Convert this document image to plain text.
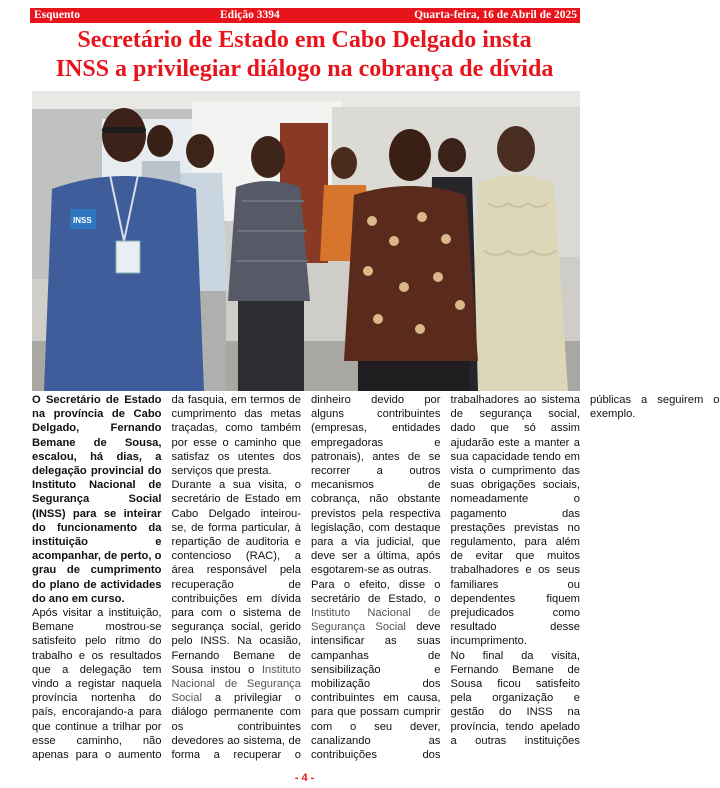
Esquento	Edição 3394	Quarta-feira, 16 de Abril de 2025
Secretário de Estado em Cabo Delgado insta
INSS a privilegiar diálogo na cobrança de dívida
INSS

O Secretário de Estado na província de Cabo Delgado, Fernando Bemane de Sousa, escalou, há dias, a delegação provincial do Instituto Nacional de Segurança Social (INSS) para se inteirar do funcionamento da instituição e acompanhar, de perto, o grau de cumprimento do plano de actividades do ano em curso.

Após visitar a instituição, Bemane mostrou-se satisfeito pelo ritmo do trabalho e os resultados que a delegação tem vindo a registar naquela província nortenha do país, encorajando-a para que continue a trilhar por esse caminho, não apenas para o aumento da fasquia, em termos de cumprimento das metas traçadas, como também por esse o caminho que satisfaz os utentes dos serviços que presta.

Durante a sua visita, o secretário de Estado em Cabo Delgado inteirou-se, de forma particular, à repartição de auditoria e contencioso (RAC), a área responsável pela recuperação de contribuições em dívida para com o sistema de segurança social, gerido pelo INSS. Na ocasião, Fernando Bemane de Sousa instou o Instituto Nacional de Segurança Social a privilegiar o diálogo permanente com os contribuintes devedores ao sistema, de forma a recuperar o dinheiro devido por alguns contribuintes (empresas, entidades empregadoras e patronais), antes de se recorrer a outros mecanismos de cobrança, não obstante previstos pela respectiva legislação, com destaque para a via judicial, que deve ser a última, após esgotarem-se as outras.

Para o efeito, disse o secretário de Estado, o Instituto Nacional de Segurança Social deve intensificar as suas campanhas de sensibilização e mobilização dos contribuintes em causa, para que possam cumprir com o seu dever, canalizando as contribuições dos trabalhadores ao sistema de segurança social, dado que só assim ajudarão este a manter a sua capacidade tendo em vista o cumprimento das suas obrigações sociais, nomeadamente o pagamento das prestações previstas no regulamento, para além de evitar que muitos trabalhadores e os seus familiares ou dependentes fiquem prejudicados como resultado desse incumprimento.

No final da visita, Fernando Bemane de Sousa ficou satisfeito pela organização e gestão do INSS na província, tendo apelado a outras instituições públicas a seguirem o exemplo.

- 4 -
